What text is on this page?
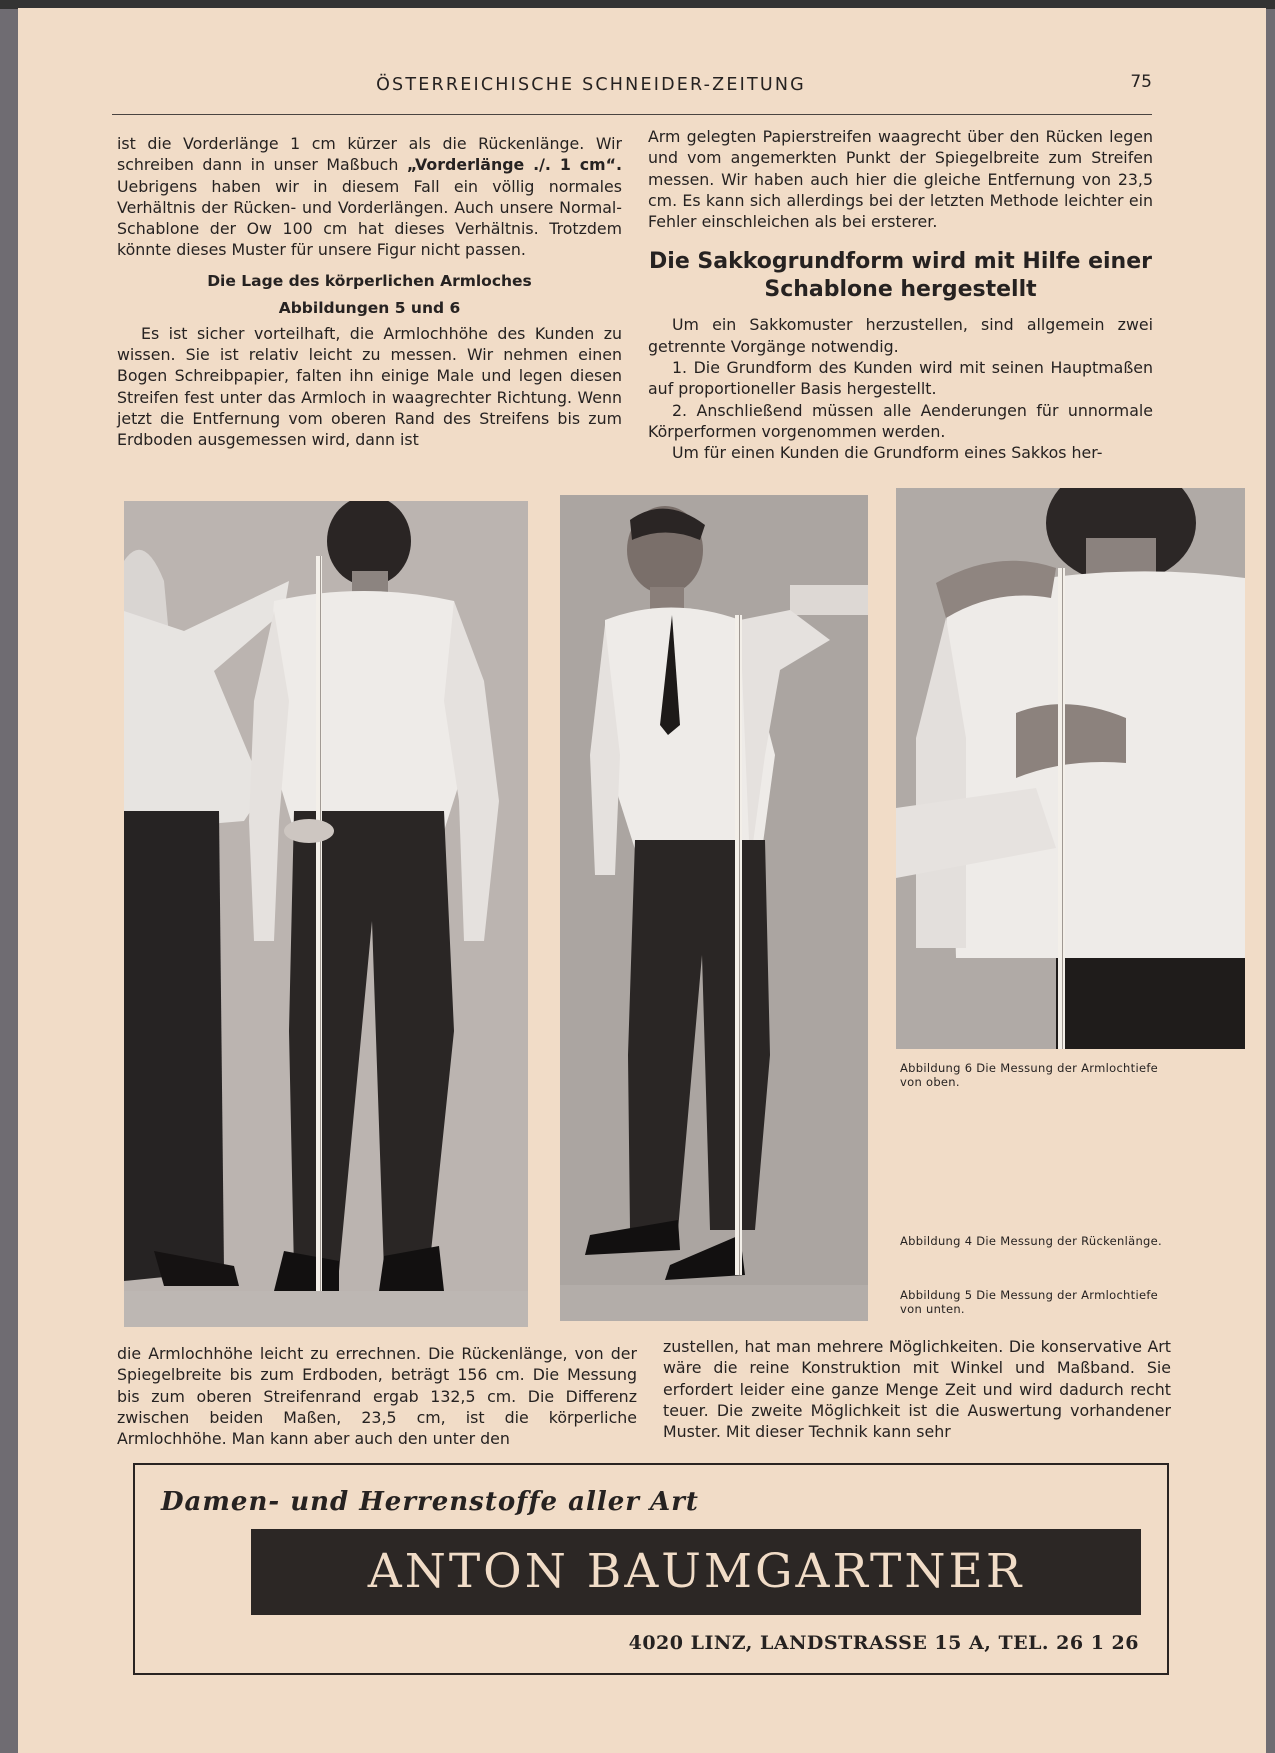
ÖSTERREICHISCHE SCHNEIDER-ZEITUNG	75

ist die Vorderlänge 1 cm kürzer als die Rückenlänge. Wir schreiben dann in unser Maßbuch „Vorderlänge ./. 1 cm“. Uebrigens haben wir in diesem Fall ein völlig normales Verhältnis der Rücken- und Vorderlängen. Auch unsere Normal-Schablone der Ow 100 cm hat dieses Verhältnis. Trotzdem könnte dieses Muster für unsere Figur nicht passen.

Die Lage des körperlichen Armloches
Abbildungen 5 und 6

Es ist sicher vorteilhaft, die Armlochhöhe des Kunden zu wissen. Sie ist relativ leicht zu messen. Wir nehmen einen Bogen Schreibpapier, falten ihn einige Male und legen diesen Streifen fest unter das Armloch in waagrechter Richtung. Wenn jetzt die Entfernung vom oberen Rand des Streifens bis zum Erdboden ausgemessen wird, dann ist

Arm gelegten Papierstreifen waagrecht über den Rücken legen und vom angemerkten Punkt der Spiegelbreite zum Streifen messen. Wir haben auch hier die gleiche Entfernung von 23,5 cm. Es kann sich allerdings bei der letzten Methode leichter ein Fehler einschleichen als bei ersterer.

Die Sakkogrundform wird mit Hilfe einer Schablone hergestellt

Um ein Sakkomuster herzustellen, sind allgemein zwei getrennte Vorgänge notwendig.

1. Die Grundform des Kunden wird mit seinen Hauptmaßen auf proportioneller Basis hergestellt.

2. Anschließend müssen alle Aenderungen für unnormale Körperformen vorgenommen werden.

Um für einen Kunden die Grundform eines Sakkos her-

Abbildung 6 Die Messung der Armlochtiefe von oben.
Abbildung 4 Die Messung der Rückenlänge.
Abbildung 5 Die Messung der Armlochtiefe von unten.

die Armlochhöhe leicht zu errechnen. Die Rückenlänge, von der Spiegelbreite bis zum Erdboden, beträgt 156 cm. Die Messung bis zum oberen Streifenrand ergab 132,5 cm. Die Differenz zwischen beiden Maßen, 23,5 cm, ist die körperliche Armlochhöhe. Man kann aber auch den unter den

zustellen, hat man mehrere Möglichkeiten. Die konservative Art wäre die reine Konstruktion mit Winkel und Maßband. Sie erfordert leider eine ganze Menge Zeit und wird dadurch recht teuer. Die zweite Möglichkeit ist die Auswertung vorhandener Muster. Mit dieser Technik kann sehr

Damen- und Herrenstoffe aller Art
ANTON BAUMGARTNER
4020 LINZ, LANDSTRASSE 15 A, TEL. 26 1 26
